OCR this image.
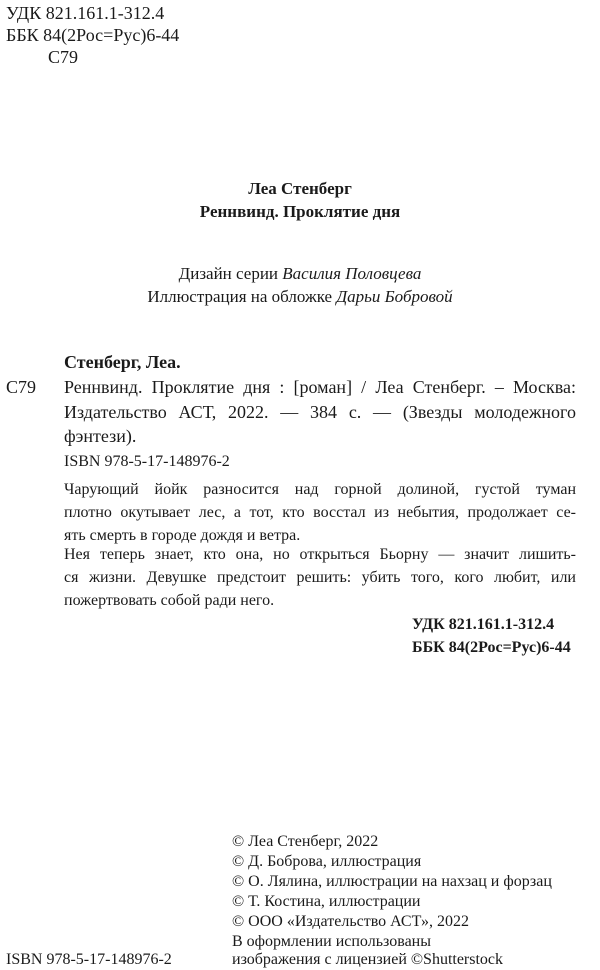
УДК 821.161.1-312.4
ББК 84(2Рос=Рус)6-44
С79
Леа Стенберг
Реннвинд. Проклятие дня
Дизайн серии Василия Половцева
Иллюстрация на обложке Дарьи Бобровой
Стенберг, Леа.
С79 Реннвинд. Проклятие дня : [роман] / Леа Стенберг. – Москва:
Издательство АСТ, 2022. — 384 с. — (Звезды молодежного
фэнтези).
ISBN 978-5-17-148976-2
Чарующий йойк разносится над горной долиной, густой туман
плотно окутывает лес, а тот, кто восстал из небытия, продолжает се-
ять смерть в городе дождя и ветра.
Нея теперь знает, кто она, но открыться Бьорну — значит лишить-
ся жизни. Девушке предстоит решить: убить того, кого любит, или
пожертвовать собой ради него.
УДК 821.161.1-312.4
ББК 84(2Рос=Рус)6-44
© Леа Стенберг, 2022
© Д. Боброва, иллюстрация
© О. Лялина, иллюстрации на нахзац и форзац
© Т. Костина, иллюстрации
© ООО «Издательство АСТ», 2022
В оформлении использованы
изображения с лицензией ©Shutterstock
ISBN 978-5-17-148976-2
